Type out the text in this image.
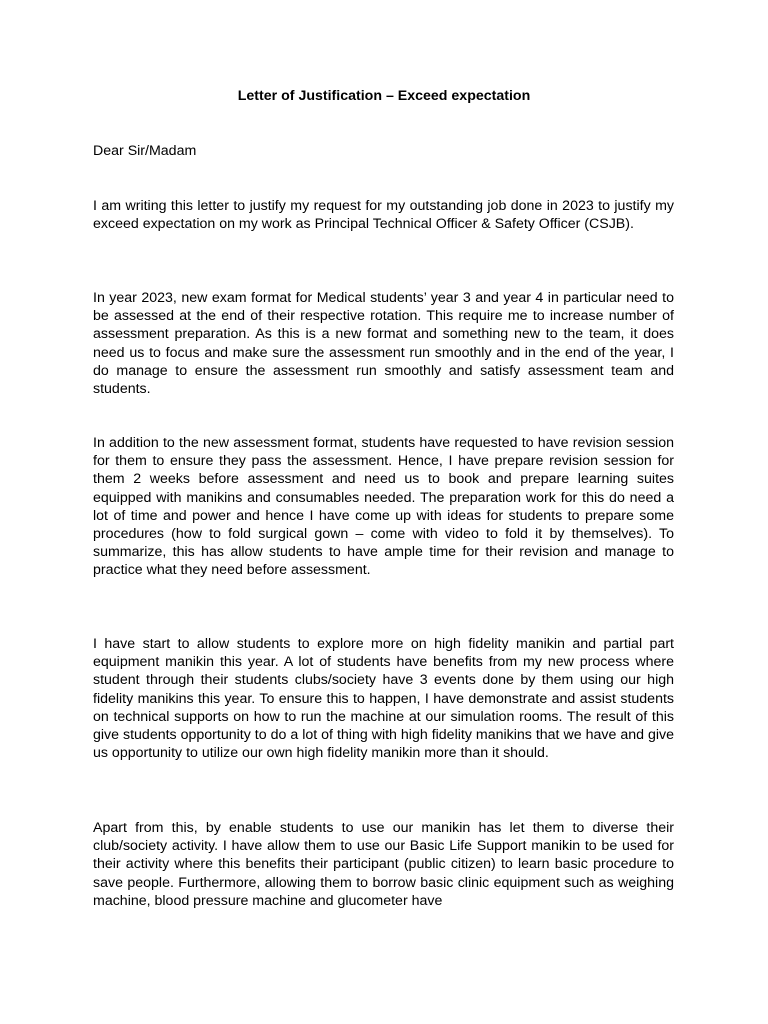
Letter of Justification – Exceed expectation

Dear Sir/Madam

I am writing this letter to justify my request for my outstanding job done in 2023 to justify my exceed expectation on my work as Principal Technical Officer & Safety Officer (CSJB).

In year 2023, new exam format for Medical students’ year 3 and year 4 in particular need to be assessed at the end of their respective rotation. This require me to increase number of assessment preparation. As this is a new format and something new to the team, it does need us to focus and make sure the assessment run smoothly and in the end of the year, I do manage to ensure the assessment run smoothly and satisfy assessment team and students.

In addition to the new assessment format, students have requested to have revision session for them to ensure they pass the assessment. Hence, I have prepare revision session for them 2 weeks before assessment and need us to book and prepare learning suites equipped with manikins and consumables needed. The preparation work for this do need a lot of time and power and hence I have come up with ideas for students to prepare some procedures (how to fold surgical gown – come with video to fold it by themselves). To summarize, this has allow students to have ample time for their revision and manage to practice what they need before assessment.

I have start to allow students to explore more on high fidelity manikin and partial part equipment manikin this year. A lot of students have benefits from my new process where student through their students clubs/society have 3 events done by them using our high fidelity manikins this year. To ensure this to happen, I have demonstrate and assist students on technical supports on how to run the machine at our simulation rooms. The result of this give students opportunity to do a lot of thing with high fidelity manikins that we have and give us opportunity to utilize our own high fidelity manikin more than it should.

Apart from this, by enable students to use our manikin has let them to diverse their club/society activity. I have allow them to use our Basic Life Support manikin to be used for their activity where this benefits their participant (public citizen) to learn basic procedure to save people. Furthermore, allowing them to borrow basic clinic equipment such as weighing machine, blood pressure machine and glucometer have
